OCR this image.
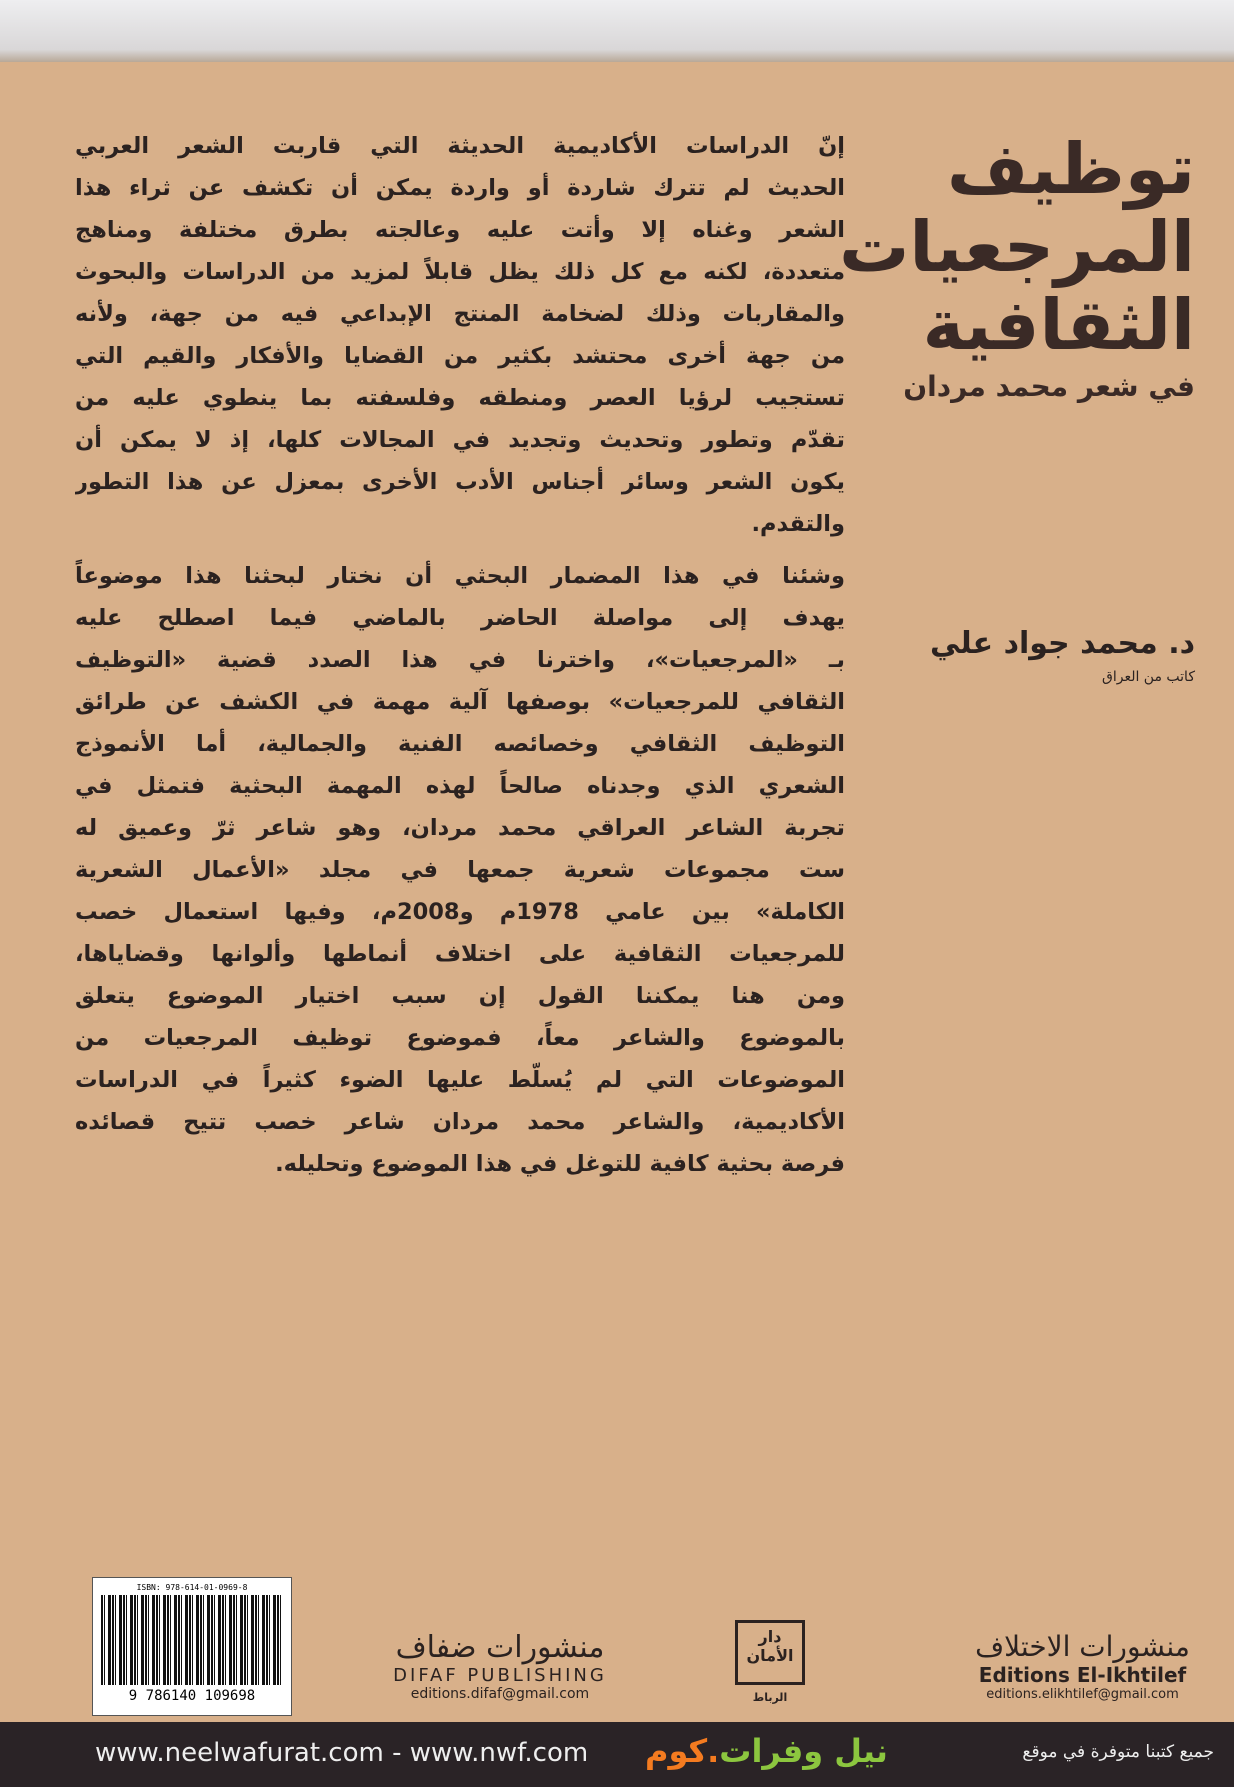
توظيف
المرجعيات
الثقافية
في شعر محمد مردان
د. محمد جواد علي
كاتب من العراق
إنّ الدراسات الأكاديمية الحديثة التي قاربت الشعر العربي
الحديث لم تترك شاردة أو واردة يمكن أن تكشف عن ثراء هذا
الشعر وغناه إلا وأتت عليه وعالجته بطرق مختلفة ومناهج
متعددة، لكنه مع كل ذلك يظل قابلاً لمزيد من الدراسات والبحوث
والمقاربات وذلك لضخامة المنتج الإبداعي فيه من جهة، ولأنه
من جهة أخرى محتشد بكثير من القضايا والأفكار والقيم التي
تستجيب لرؤيا العصر ومنطقه وفلسفته بما ينطوي عليه من
تقدّم وتطور وتحديث وتجديد في المجالات كلها، إذ لا يمكن أن
يكون الشعر وسائر أجناس الأدب الأخرى بمعزل عن هذا التطور
والتقدم.
وشئنا في هذا المضمار البحثي أن نختار لبحثنا هذا موضوعاً
يهدف إلى مواصلة الحاضر بالماضي فيما اصطلح عليه
بـ «المرجعيات»، واخترنا في هذا الصدد قضية «التوظيف
الثقافي للمرجعيات» بوصفها آلية مهمة في الكشف عن طرائق
التوظيف الثقافي وخصائصه الفنية والجمالية، أما الأنموذج
الشعري الذي وجدناه صالحاً لهذه المهمة البحثية فتمثل في
تجربة الشاعر العراقي محمد مردان، وهو شاعر ثرّ وعميق له
ست مجموعات شعرية جمعها في مجلد «الأعمال الشعرية
الكاملة» بين عامي 1978م و2008م، وفيها استعمال خصب
للمرجعيات الثقافية على اختلاف أنماطها وألوانها وقضاياها،
ومن هنا يمكننا القول إن سبب اختيار الموضوع يتعلق
بالموضوع والشاعر معاً، فموضوع توظيف المرجعيات من
الموضوعات التي لم يُسلّط عليها الضوء كثيراً في الدراسات
الأكاديمية، والشاعر محمد مردان شاعر خصب تتيح قصائده
فرصة بحثية كافية للتوغل في هذا الموضوع وتحليله.
ISBN: 978-614-01-0969-8
9 786140 109698
منشورات ضفاف
DIFAF PUBLISHING
editions.difaf@gmail.com
دار الأمان
الرباط
منشورات الاختلاف
Editions El-Ikhtilef
editions.elikhtilef@gmail.com
www.neelwafurat.com - www.nwf.com	نيل وفرات.كوم	جميع كتبنا متوفرة في موقع
